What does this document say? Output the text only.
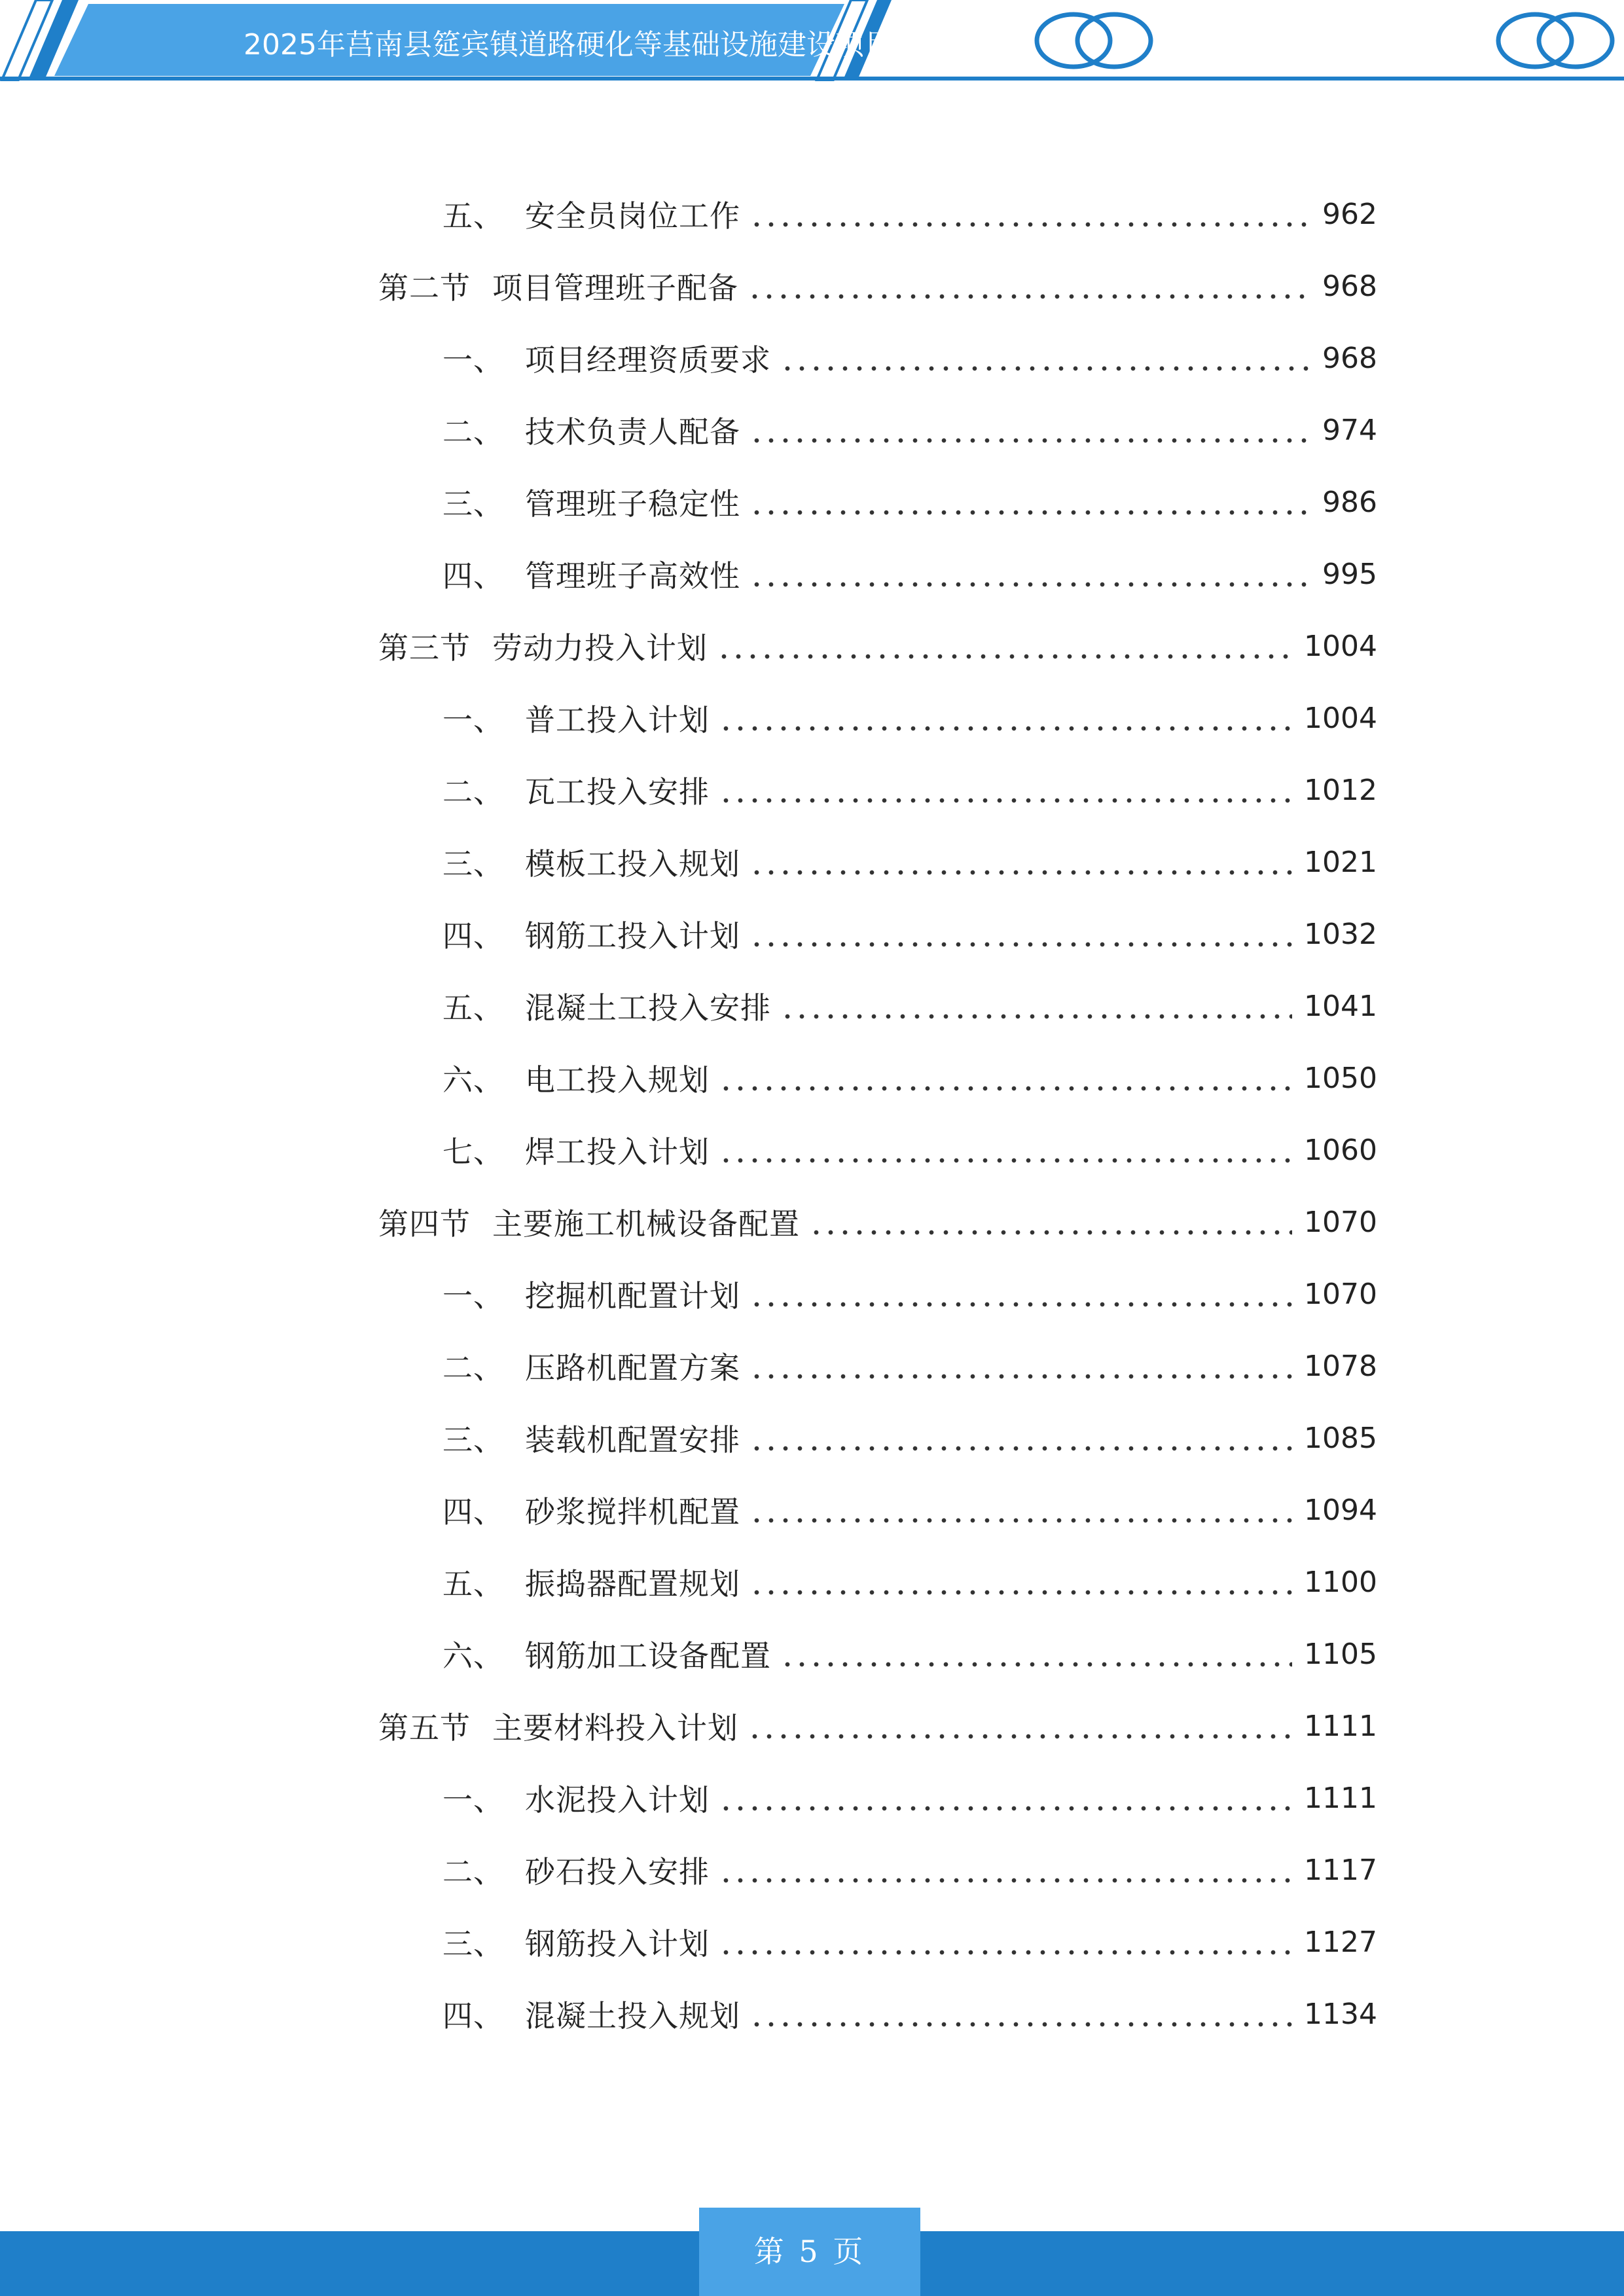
2025年莒南县筵宾镇道路硬化等基础设施建设项目
五、 安全员岗位工作	962
第二节 项目管理班子配备	968
一、 项目经理资质要求	968
二、 技术负责人配备	974
三、 管理班子稳定性	986
四、 管理班子高效性	995
第三节 劳动力投入计划	1004
一、 普工投入计划	1004
二、 瓦工投入安排	1012
三、 模板工投入规划	1021
四、 钢筋工投入计划	1032
五、 混凝土工投入安排	1041
六、 电工投入规划	1050
七、 焊工投入计划	1060
第四节 主要施工机械设备配置	1070
一、 挖掘机配置计划	1070
二、 压路机配置方案	1078
三、 装载机配置安排	1085
四、 砂浆搅拌机配置	1094
五、 振捣器配置规划	1100
六、 钢筋加工设备配置	1105
第五节 主要材料投入计划	1111
一、 水泥投入计划	1111
二、 砂石投入安排	1117
三、 钢筋投入计划	1127
四、 混凝土投入规划	1134
第 5 页
